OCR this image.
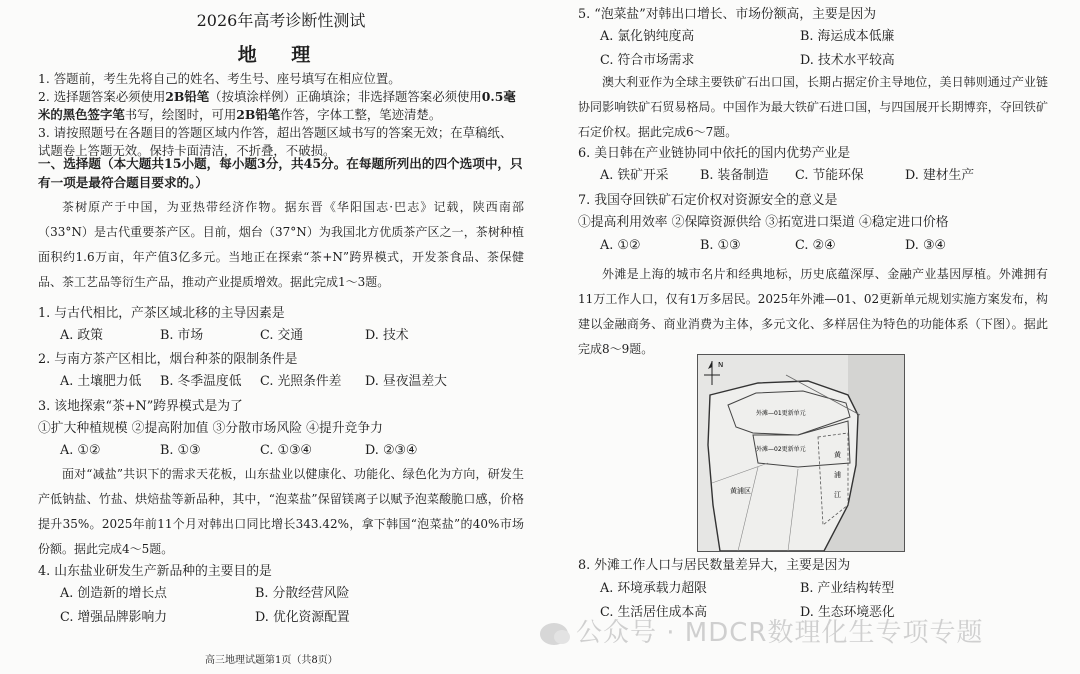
2026年高考诊断性测试

地 理

1. 答题前，考生先将自己的姓名、考生号、座号填写在相应位置。

2. 选择题答案必须使用2B铅笔（按填涂样例）正确填涂；非选择题答案必须使用0.5毫米的黑色签字笔书写，绘图时，可用2B铅笔作答，字体工整，笔迹清楚。

3. 请按照题号在各题目的答题区域内作答，超出答题区域书写的答案无效；在草稿纸、试题卷上答题无效。保持卡面清洁，不折叠，不破损。

一、选择题（本大题共15小题，每小题3分，共45分。在每题所列出的四个选项中，只有一项是最符合题目要求的。）

茶树原产于中国，为亚热带经济作物。据东晋《华阳国志·巴志》记载，陕西南部（33°N）是古代重要茶产区。目前，烟台（37°N）为我国北方优质茶产区之一，茶树种植面积约1.6万亩，年产值3亿多元。当地正在探索“茶+N”跨界模式，开发茶食品、茶保健品、茶工艺品等衍生产品，推动产业提质增效。据此完成1～3题。

1. 与古代相比，产茶区域北移的主导因素是

A. 政策	B. 市场	C. 交通	D. 技术

2. 与南方茶产区相比，烟台种茶的限制条件是

A. 土壤肥力低 B. 冬季温度低 C. 光照条件差 D. 昼夜温差大

3. 该地探索“茶+N”跨界模式是为了

①扩大种植规模 ②提高附加值 ③分散市场风险 ④提升竞争力

A. ①②	B. ①③	C. ①③④	D. ②③④

面对“减盐”共识下的需求天花板，山东盐业以健康化、功能化、绿色化为方向，研发生产低钠盐、竹盐、烘焙盐等新品种，其中，“泡菜盐”保留镁离子以赋予泡菜酸脆口感，价格提升35%。2025年前11个月对韩出口同比增长343.42%，拿下韩国“泡菜盐”的40%市场份额。据此完成4～5题。

4. 山东盐业研发生产新品种的主要目的是

A. 创造新的增长点	B. 分散经营风险
C. 增强品牌影响力	D. 优化资源配置

高三地理试题第1页（共8页）

5. “泡菜盐”对韩出口增长、市场份额高，主要是因为

A. 氯化钠纯度高	B. 海运成本低廉
C. 符合市场需求	D. 技术水平较高

澳大利亚作为全球主要铁矿石出口国，长期占据定价主导地位，美日韩则通过产业链协同影响铁矿石贸易格局。中国作为最大铁矿石进口国，与四国展开长期博弈，夺回铁矿石定价权。据此完成6～7题。

6. 美日韩在产业链协同中依托的国内优势产业是

A. 铁矿开采 B. 装备制造 C. 节能环保	D. 建材生产

7. 我国夺回铁矿石定价权对资源安全的意义是

①提高利用效率 ②保障资源供给 ③拓宽进口渠道 ④稳定进口价格

A. ①②	B. ①③	C. ②④	D. ③④

外滩是上海的城市名片和经典地标，历史底蕴深厚、金融产业基因厚植。外滩拥有11万工作人口，仅有1万多居民。2025年外滩—01、02更新单元规划实施方案发布，构建以金融商务、商业消费为主体，多元文化、多样居住为特色的功能体系（下图）。据此完成8～9题。

8. 外滩工作人口与居民数量差异大，主要是因为

A. 环境承载力超限	B. 产业结构转型
C. 生活居住成本高	D. 生态环境恶化
N
外滩—01更新单元
外滩—02更新单元
黄浦区
黄
浦
江
公众号 · MDCR数理化生专项专题
